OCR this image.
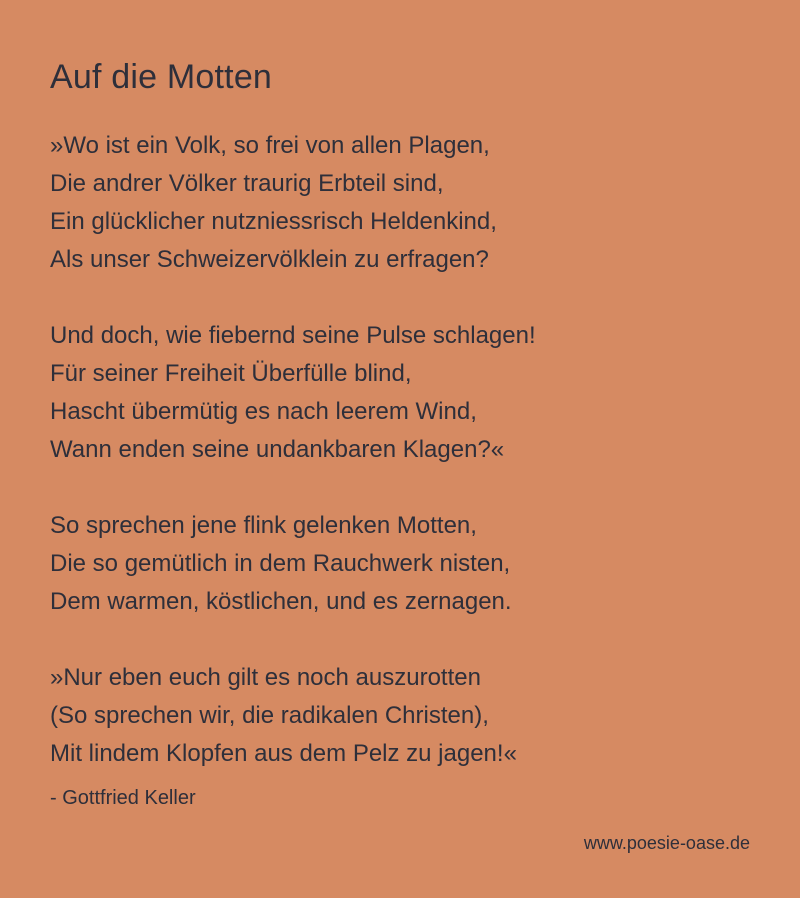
Auf die Motten
»Wo ist ein Volk, so frei von allen Plagen,
Die andrer Völker traurig Erbteil sind,
Ein glücklicher nutzniessrisch Heldenkind,
Als unser Schweizervölklein zu erfragen?
Und doch, wie fiebernd seine Pulse schlagen!
Für seiner Freiheit Überfülle blind,
Hascht übermütig es nach leerem Wind,
Wann enden seine undankbaren Klagen?«
So sprechen jene flink gelenken Motten,
Die so gemütlich in dem Rauchwerk nisten,
Dem warmen, köstlichen, und es zernagen.
»Nur eben euch gilt es noch auszurotten
(So sprechen wir, die radikalen Christen),
Mit lindem Klopfen aus dem Pelz zu jagen!«
- Gottfried Keller
www.poesie-oase.de
